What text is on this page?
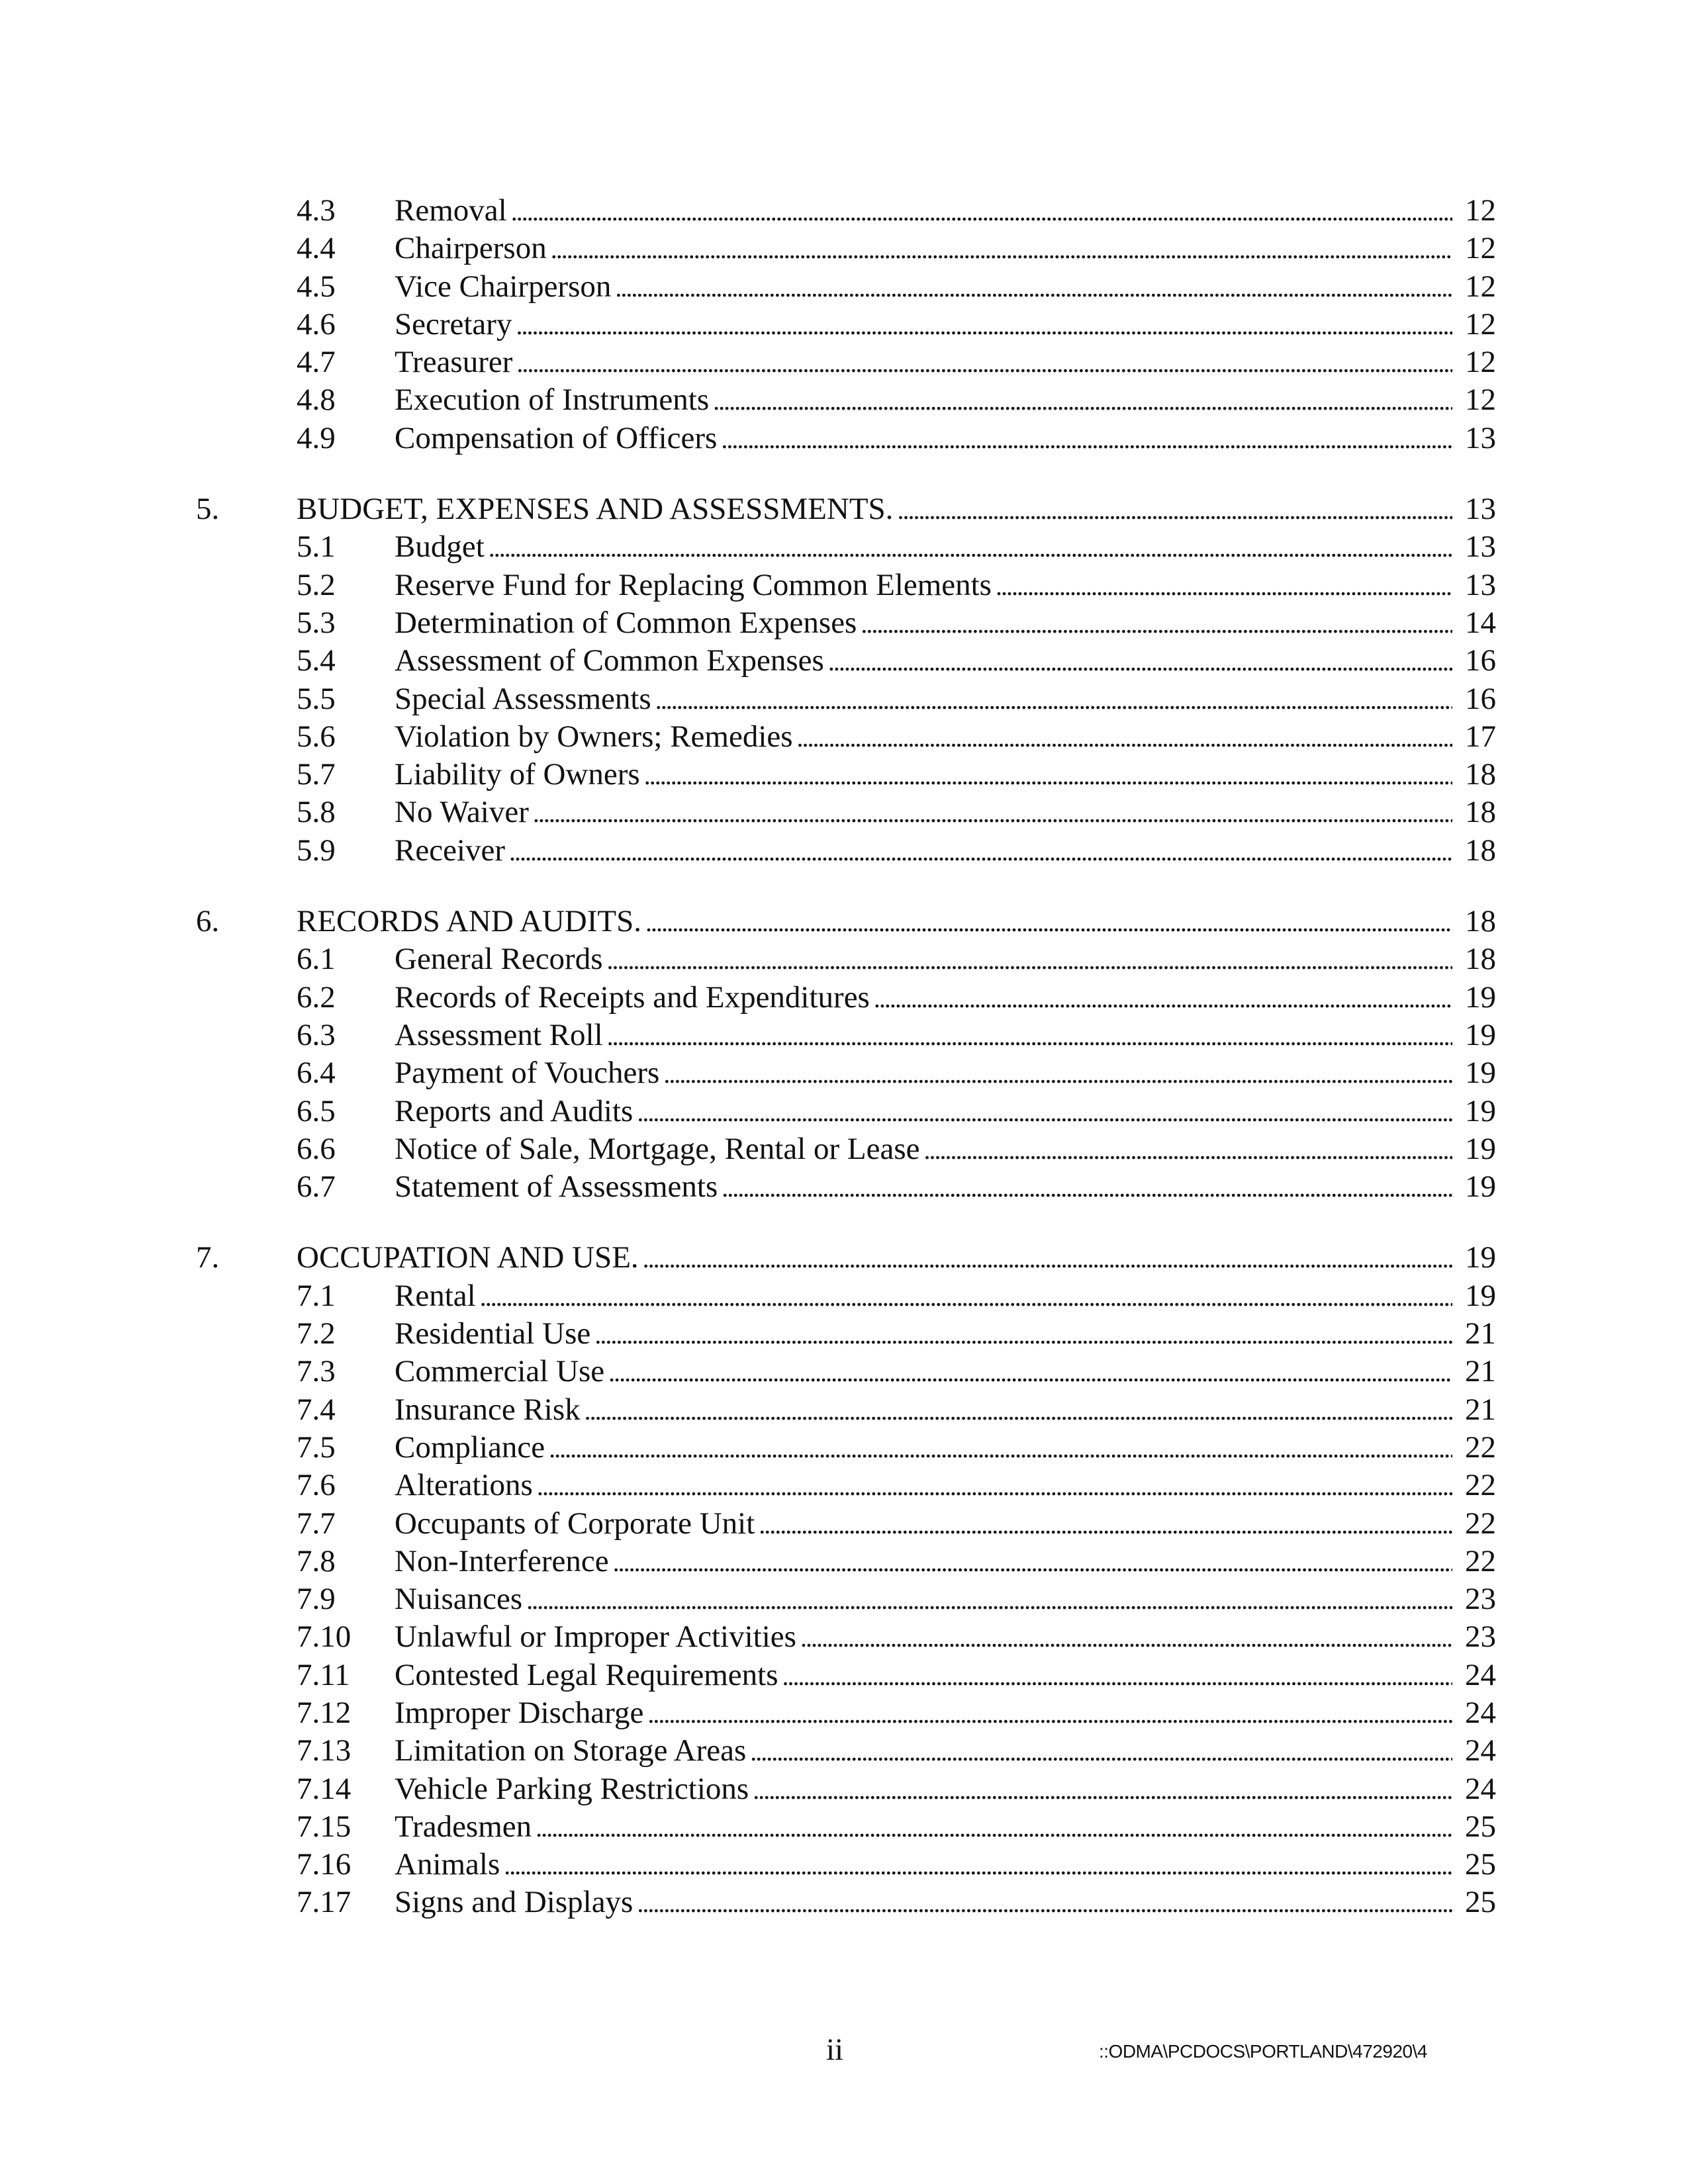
4.3 Removal . . .	12
4.4 Chairperson . . .	12
4.5 Vice Chairperson . . .	12
4.6 Secretary . . .	12
4.7 Treasurer . . .	12
4.8 Execution of Instruments . . .	12
4.9 Compensation of Officers . . .	13
5. BUDGET, EXPENSES AND ASSESSMENTS. . . .	13
5.1 Budget . . .	13
5.2 Reserve Fund for Replacing Common Elements . . .	13
5.3 Determination of Common Expenses . . .	14
5.4 Assessment of Common Expenses . . .	16
5.5 Special Assessments . . .	16
5.6 Violation by Owners; Remedies . . .	17
5.7 Liability of Owners . . .	18
5.8 No Waiver . . .	18
5.9 Receiver . . .	18
6. RECORDS AND AUDITS. . . .	18
6.1 General Records . . .	18
6.2 Records of Receipts and Expenditures . . .	19
6.3 Assessment Roll . . .	19
6.4 Payment of Vouchers . . .	19
6.5 Reports and Audits . . .	19
6.6 Notice of Sale, Mortgage, Rental or Lease . . .	19
6.7 Statement of Assessments . . .	19
7. OCCUPATION AND USE. . . .	19
7.1 Rental . . .	19
7.2 Residential Use . . .	21
7.3 Commercial Use . . .	21
7.4 Insurance Risk . . .	21
7.5 Compliance . . .	22
7.6 Alterations . . .	22
7.7 Occupants of Corporate Unit . . .	22
7.8 Non-Interference . . .	22
7.9 Nuisances . . .	23
7.10 Unlawful or Improper Activities . . .	23
7.11 Contested Legal Requirements . . .	24
7.12 Improper Discharge . . .	24
7.13 Limitation on Storage Areas . . .	24
7.14 Vehicle Parking Restrictions . . .	24
7.15 Tradesmen . . .	25
7.16 Animals . . .	25
7.17 Signs and Displays . . .	25
ii	::ODMA\PCDOCS\PORTLAND\472920\4
